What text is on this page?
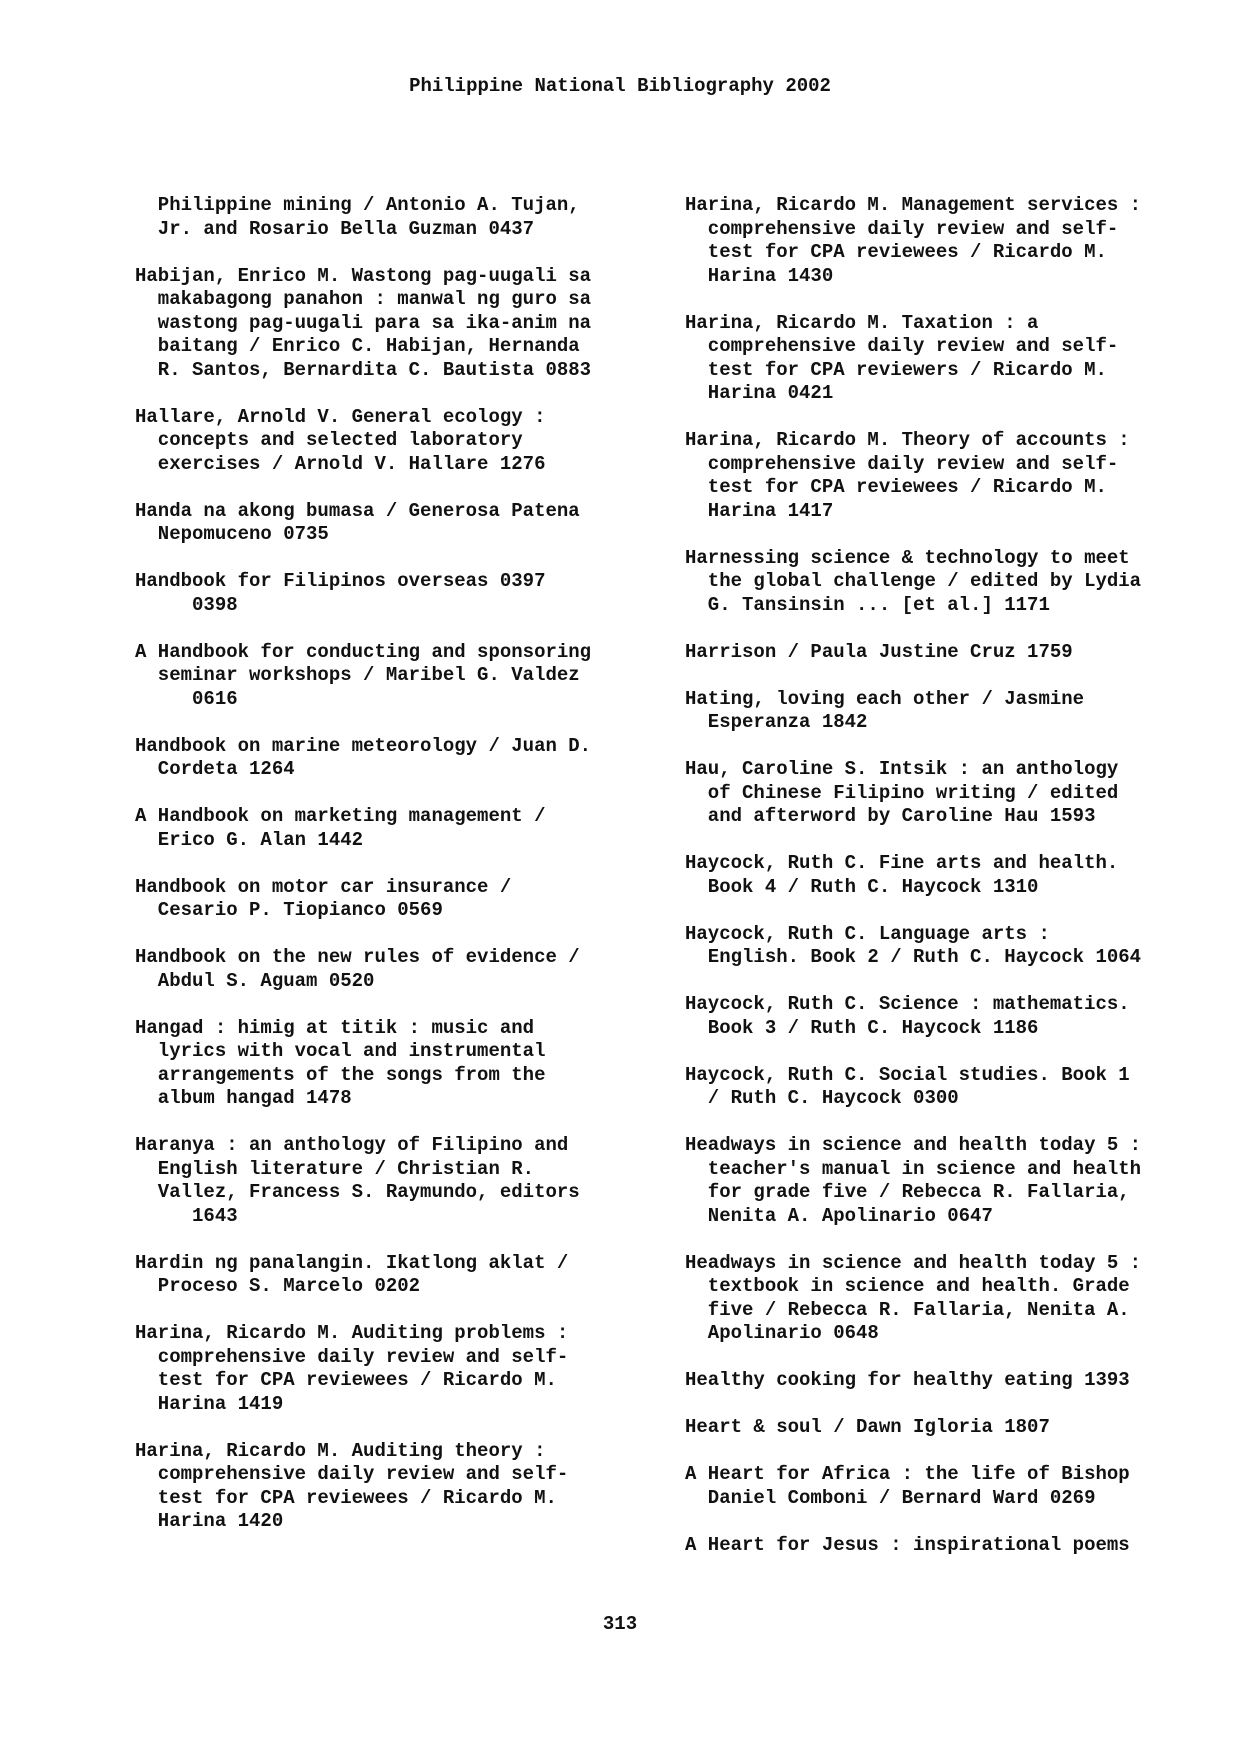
Philippine National Bibliography 2002
Philippine mining / Antonio A. Tujan,
Jr. and Rosario Bella Guzman 0437
Habijan, Enrico M. Wastong pag-uugali sa
makabagong panahon : manwal ng guro sa
wastong pag-uugali para sa ika-anim na
baitang / Enrico C. Habijan, Hernanda
R. Santos, Bernardita C. Bautista 0883
Hallare, Arnold V. General ecology :
concepts and selected laboratory
exercises / Arnold V. Hallare 1276
Handa na akong bumasa / Generosa Patena
Nepomuceno 0735
Handbook for Filipinos overseas 0397
0398
A Handbook for conducting and sponsoring
seminar workshops / Maribel G. Valdez
0616
Handbook on marine meteorology / Juan D.
Cordeta 1264
A Handbook on marketing management /
Erico G. Alan 1442
Handbook on motor car insurance /
Cesario P. Tiopianco 0569
Handbook on the new rules of evidence /
Abdul S. Aguam 0520
Hangad : himig at titik : music and
lyrics with vocal and instrumental
arrangements of the songs from the
album hangad 1478
Haranya : an anthology of Filipino and
English literature / Christian R.
Vallez, Francess S. Raymundo, editors
1643
Hardin ng panalangin. Ikatlong aklat /
Proceso S. Marcelo 0202
Harina, Ricardo M. Auditing problems :
comprehensive daily review and self-
test for CPA reviewees / Ricardo M.
Harina 1419
Harina, Ricardo M. Auditing theory :
comprehensive daily review and self-
test for CPA reviewees / Ricardo M.
Harina 1420
Harina, Ricardo M. Management services :
comprehensive daily review and self-
test for CPA reviewees / Ricardo M.
Harina 1430
Harina, Ricardo M. Taxation : a
comprehensive daily review and self-
test for CPA reviewers / Ricardo M.
Harina 0421
Harina, Ricardo M. Theory of accounts :
comprehensive daily review and self-
test for CPA reviewees / Ricardo M.
Harina 1417
Harnessing science & technology to meet
the global challenge / edited by Lydia
G. Tansinsin ... [et al.] 1171
Harrison / Paula Justine Cruz 1759
Hating, loving each other / Jasmine
Esperanza 1842
Hau, Caroline S. Intsik : an anthology
of Chinese Filipino writing / edited
and afterword by Caroline Hau 1593
Haycock, Ruth C. Fine arts and health.
Book 4 / Ruth C. Haycock 1310
Haycock, Ruth C. Language arts :
English. Book 2 / Ruth C. Haycock 1064
Haycock, Ruth C. Science : mathematics.
Book 3 / Ruth C. Haycock 1186
Haycock, Ruth C. Social studies. Book 1
/ Ruth C. Haycock 0300
Headways in science and health today 5 :
teacher's manual in science and health
for grade five / Rebecca R. Fallaria,
Nenita A. Apolinario 0647
Headways in science and health today 5 :
textbook in science and health. Grade
five / Rebecca R. Fallaria, Nenita A.
Apolinario 0648
Healthy cooking for healthy eating 1393
Heart & soul / Dawn Igloria 1807
A Heart for Africa : the life of Bishop
Daniel Comboni / Bernard Ward 0269
A Heart for Jesus : inspirational poems
313
